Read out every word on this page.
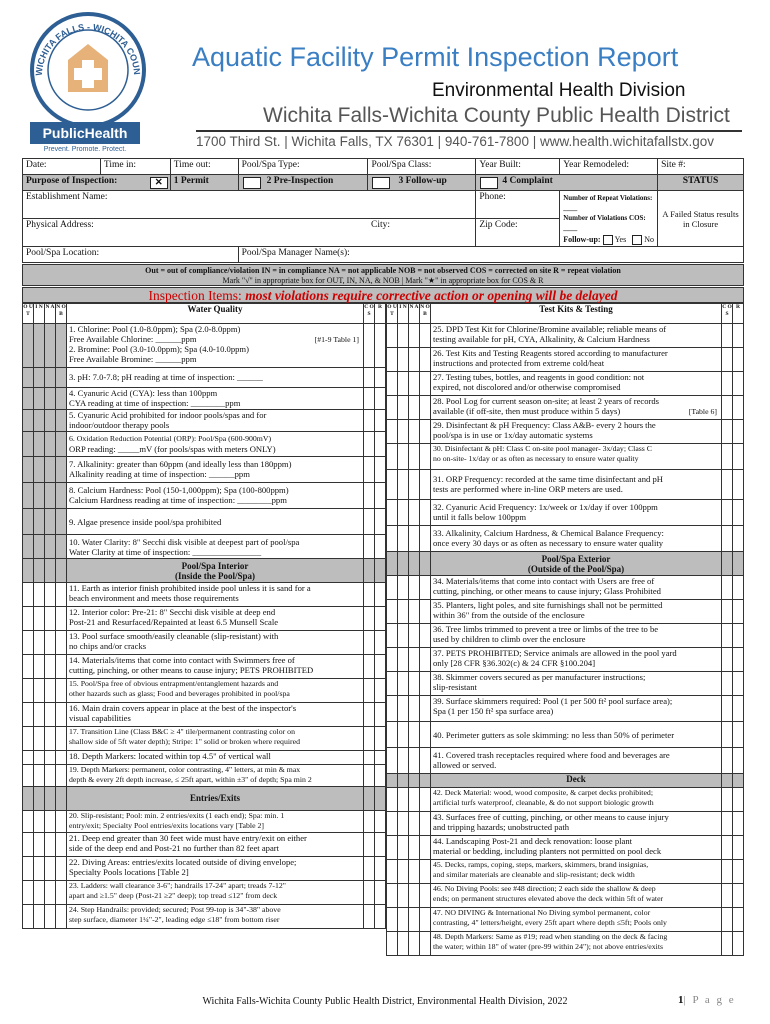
WICHITA FALLS - WICHITA COUN
PublicHealth
Prevent. Promote. Protect.
Aquatic Facility Permit Inspection Report
Environmental Health Division
Wichita Falls-Wichita County Public Health District
1700 Third St. | Wichita Falls, TX 76301 | 940-761-7800 | www.health.wichitafallstx.gov
Date:	Time in:	Time out:	Pool/Spa Type:	Pool/Spa Class:	Year Built:	Year Remodeled:	Site #:
Purpose of Inspection: ✕		1 Permit	2 Pre-Inspection	3 Follow-up	4 Complaint		STATUS
Establishment Name:					Phone:	Number of Repeat Violations: ____
Number of Violations COS: ____
Follow-up: Yes No	A Failed Status results in Closure
Physical Address:				City:	Zip Code:		
Pool/Spa Location:			Pool/Spa Manager Name(s):				
Out = out of compliance/violation IN = in compliance NA = not applicable NOB = not observed COS = corrected on site R = repeat violation
Mark "√" in appropriate box for OUT, IN, NA, & NOB | Mark "★" in appropriate box for COS & R
Inspection Items: most violations require corrective action or opening will be delayed
O U T	I N	N A	N O B	Water Quality	C O S	R

				1. Chlorine: Pool (1.0-8.0ppm); Spa (2.0-8.0ppm)
Free Available Chlorine: ______ppm [#1-9 Table 1]
2. Bromine: Pool (3.0-10.0ppm); Spa (4.0-10.0ppm)
Free Available Bromine: ______ppm		

				3. pH: 7.0-7.8; pH reading at time of inspection: ______		

				4. Cyanuric Acid (CYA): less than 100ppm
CYA reading at time of inspection: ________ppm		

				5. Cyanuric Acid prohibited for indoor pools/spas and for
indoor/outdoor therapy pools		

				6. Oxidation Reduction Potential (ORP): Pool/Spa (600-900mV)
ORP reading: _____mV (for pools/spas with meters ONLY)		

				7. Alkalinity: greater than 60ppm (and ideally less than 180ppm)
Alkalinity reading at time of inspection: ______ppm		

				8. Calcium Hardness: Pool (150-1,000ppm); Spa (100-800ppm)
Calcium Hardness reading at time of inspection: ________ppm		

				9. Algae presence inside pool/spa prohibited		

				10. Water Clarity: 8" Secchi disk visible at deepest part of pool/spa
Water Clarity at time of inspection: ________________		

				Pool/Spa Interior
(Inside the Pool/Spa)		

				11. Earth as interior finish prohibited inside pool unless it is sand for a
beach environment and meets those requirements		

				12. Interior color: Pre-21: 8" Secchi disk visible at deep end
Post-21 and Resurfaced/Repainted at least 6.5 Munsell Scale		

				13. Pool surface smooth/easily cleanable (slip-resistant) with
no chips and/or cracks		

				14. Materials/items that come into contact with Swimmers free of
cutting, pinching, or other means to cause injury; PETS PROHIBITED		

				15. Pool/Spa free of obvious entrapment/entanglement hazards and
other hazards such as glass; Food and beverages prohibited in pool/spa		

				16. Main drain covers appear in place at the best of the inspector's
visual capabilities		

				17. Transition Line (Class B&C ≥ 4" tile/permanent contrasting color on
shallow side of 5ft water depth); Stripe: 1" solid or broken where required		

				18. Depth Markers: located within top 4.5" of vertical wall		

				19. Depth Markers: permanent, color contrasting, 4" letters, at min & max
depth & every 2ft depth increase, ≤ 25ft apart, within ±3" of depth; Spa min 2		

				Entries/Exits		

				20. Slip-resistant; Pool: min. 2 entries/exits (1 each end); Spa: min. 1
entry/exit; Specialty Pool entries/exits locations vary [Table 2]		

				21. Deep end greater than 30 feet wide must have entry/exit on either
side of the deep end and Post-21 no further than 82 feet apart		

				22. Diving Areas: entries/exits located outside of diving envelope;
Specialty Pools locations [Table 2]		

				23. Ladders: wall clearance 3-6"; handrails 17-24" apart; treads 7-12"
apart and ≥1.5" deep (Post-21 ≥2" deep); top tread ≤12" from deck		

				24. Step Handrails: provided; secured; Post 99-top is 34"-38" above
step surface, diameter 1¼"-2", leading edge ≤18" from bottom riser		

O U T	I N	N A	N O B	Test Kits & Testing	C O S	R

				25. DPD Test Kit for Chlorine/Bromine available; reliable means of
testing available for pH, CYA, Alkalinity, & Calcium Hardness		

				26. Test Kits and Testing Reagents stored according to manufacturer
instructions and protected from extreme cold/heat		

				27. Testing tubes, bottles, and reagents in good condition: not
expired, not discolored and/or otherwise compromised		

				28. Pool Log for current season on-site; at least 2 years of records
available (if off-site, then must produce within 5 days) [Table 6]		

				29. Disinfectant & pH Frequency: Class A&B- every 2 hours the
pool/spa is in use or 1x/day automatic systems		

				30. Disinfectant & pH: Class C on-site pool manager- 3x/day; Class C
no on-site- 1x/day or as often as necessary to ensure water quality		

				31. ORP Frequency: recorded at the same time disinfectant and pH
tests are performed where in-line ORP meters are used.		

				32. Cyanuric Acid Frequency: 1x/week or 1x/day if over 100ppm
until it falls below 100ppm		

				33. Alkalinity, Calcium Hardness, & Chemical Balance Frequency:
once every 30 days or as often as necessary to ensure water quality		

				Pool/Spa Exterior
(Outside of the Pool/Spa)		

				34. Materials/items that come into contact with Users are free of
cutting, pinching, or other means to cause injury; Glass Prohibited		

				35. Planters, light poles, and site furnishings shall not be permitted
within 36" from the outside of the enclosure		

				36. Tree limbs trimmed to prevent a tree or limbs of the tree to be
used by children to climb over the enclosure		

				37. PETS PROHIBITED; Service animals are allowed in the pool yard
only [28 CFR §36.302(c) & 24 CFR §100.204]		

				38. Skimmer covers secured as per manufacturer instructions;
slip-resistant		

				39. Surface skimmers required: Pool (1 per 500 ft² pool surface area);
Spa (1 per 150 ft² spa surface area)		

				40. Perimeter gutters as sole skimming: no less than 50% of perimeter		

				41. Covered trash receptacles required where food and beverages are
allowed or served.		

				Deck		

				42. Deck Material: wood, wood composite, & carpet decks prohibited;
artificial turfs waterproof, cleanable, & do not support biologic growth		

				43. Surfaces free of cutting, pinching, or other means to cause injury
and tripping hazards; unobstructed path		

				44. Landscaping Post-21 and deck renovation: loose plant
material or bedding, including planters not permitted on pool deck		

				45. Decks, ramps, coping, steps, markers, skimmers, brand insignias,
and similar materials are cleanable and slip-resistant; deck width		

				46. No Diving Pools: see #48 direction; 2 each side the shallow & deep
ends; on permanent structures elevated above the deck within 5ft of water		

				47. NO DIVING & International No Diving symbol permanent, color
contrasting, 4" letters/height, every 25ft apart where depth ≤5ft; Pools only		

				48. Depth Markers: Same as #19; read when standing on the deck & facing
the water; within 18" of water (pre-99 within 24"); not above entries/exits		

Wichita Falls-Wichita County Public Health District, Environmental Health Division, 2022	1| P a g e
